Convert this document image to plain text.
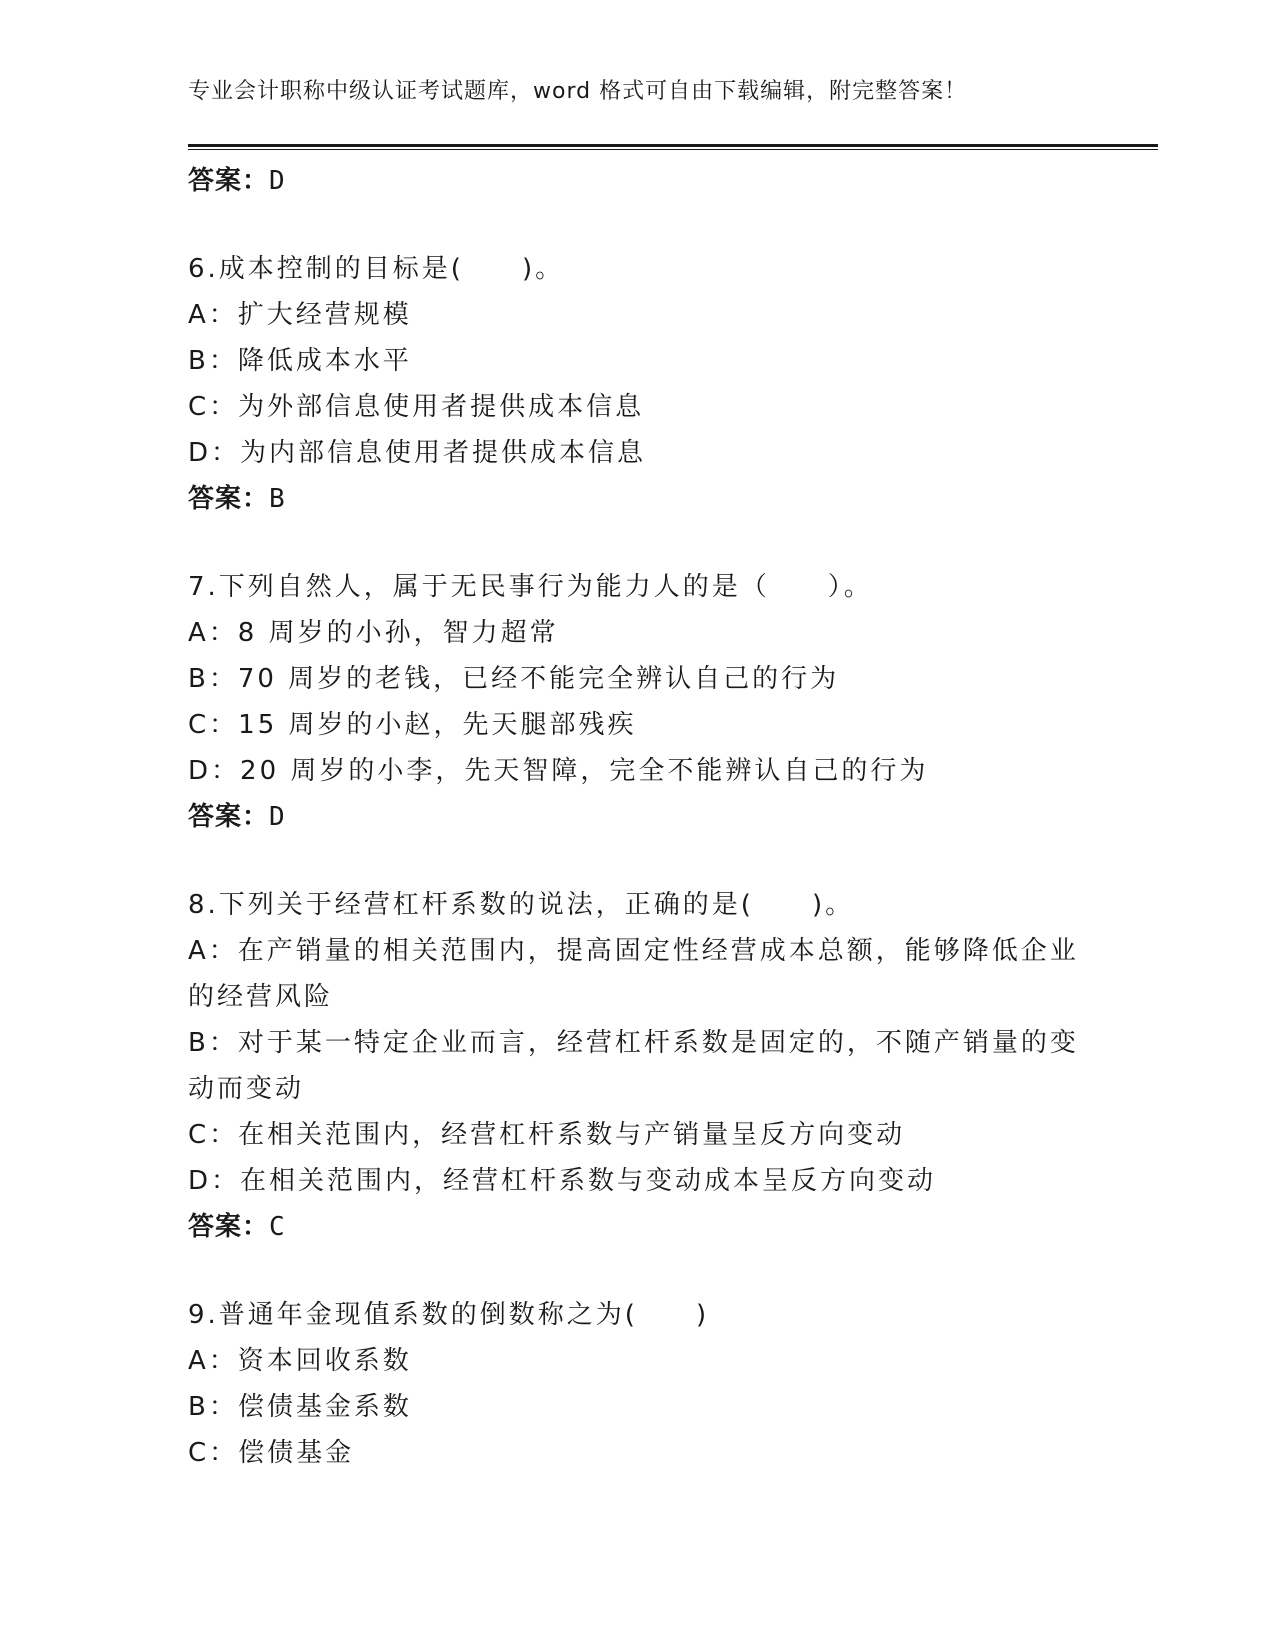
专业会计职称中级认证考试题库，word 格式可自由下载编辑，附完整答案！
答案：D
6.成本控制的目标是(　　)。
A：扩大经营规模
B：降低成本水平
C：为外部信息使用者提供成本信息
D：为内部信息使用者提供成本信息
答案：B
7.下列自然人，属于无民事行为能力人的是（　　）。
A：8 周岁的小孙，智力超常
B：70 周岁的老钱，已经不能完全辨认自己的行为
C：15 周岁的小赵，先天腿部残疾
D：20 周岁的小李，先天智障，完全不能辨认自己的行为
答案：D
8.下列关于经营杠杆系数的说法，正确的是(　　)。
A：在产销量的相关范围内，提高固定性经营成本总额，能够降低企业的经营风险
B：对于某一特定企业而言，经营杠杆系数是固定的，不随产销量的变动而变动
C：在相关范围内，经营杠杆系数与产销量呈反方向变动
D：在相关范围内，经营杠杆系数与变动成本呈反方向变动
答案：C
9.普通年金现值系数的倒数称之为(　　)
A：资本回收系数
B：偿债基金系数
C：偿债基金
